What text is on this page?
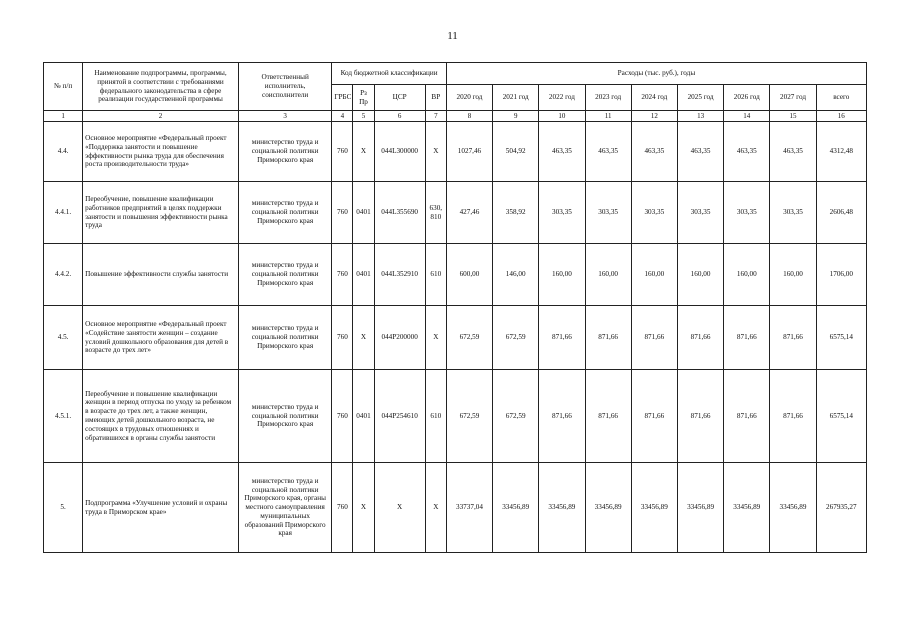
11
№ п/п	Наименование подпрограммы, программы, принятой в соответствии с требованиями федерального законодательства в сфере реализации государственной программы	Ответственный исполнитель, соисполнители	Код бюджетной классификации				Расходы (тыс. руб.), годы								
			ГРБС	Рз Пр	ЦСР	ВР	2020 год	2021 год	2022 год	2023 год	2024 год	2025 год	2026 год	2027 год	всего
1	2	3	4	5	6	7	8	9	10	11	12	13	14	15	16
4.4.	Основное мероприятие «Федеральный проект «Поддержка занятости и повышение эффективности рынка труда для обеспечения роста производительности труда»	министерство труда и социальной политики Приморского края	760	X	044L300000	X	1027,46	504,92	463,35	463,35	463,35	463,35	463,35	463,35	4312,48
4.4.1.	Переобучение, повышение квалификации работников предприятий в целях поддержки занятости и повышения эффективности рынка труда	министерство труда и социальной политики Приморского края	760	0401	044L355690	630, 810	427,46	358,92	303,35	303,35	303,35	303,35	303,35	303,35	2606,48
4.4.2.	Повышение эффективности службы занятости	министерство труда и социальной политики Приморского края	760	0401	044L352910	610	600,00	146,00	160,00	160,00	160,00	160,00	160,00	160,00	1706,00
4.5.	Основное мероприятие «Федеральный проект «Содействие занятости женщин – создание условий дошкольного образования для детей в возрасте до трех лет»	министерство труда и социальной политики Приморского края	760	X	044P200000	X	672,59	672,59	871,66	871,66	871,66	871,66	871,66	871,66	6575,14
4.5.1.	Переобучение и повышение квалификации женщин в период отпуска по уходу за ребенком в возрасте до трех лет, а также женщин, имеющих детей дошкольного возраста, не состоящих в трудовых отношениях и обратившихся в органы службы занятости	министерство труда и социальной политики Приморского края	760	0401	044P254610	610	672,59	672,59	871,66	871,66	871,66	871,66	871,66	871,66	6575,14
5.	Подпрограмма «Улучшение условий и охраны труда в Приморском крае»	министерство труда и социальной политики Приморского края, органы местного самоуправления муниципальных образований Приморского края	760	X	X	X	33737,04	33456,89	33456,89	33456,89	33456,89	33456,89	33456,89	33456,89	267935,27
